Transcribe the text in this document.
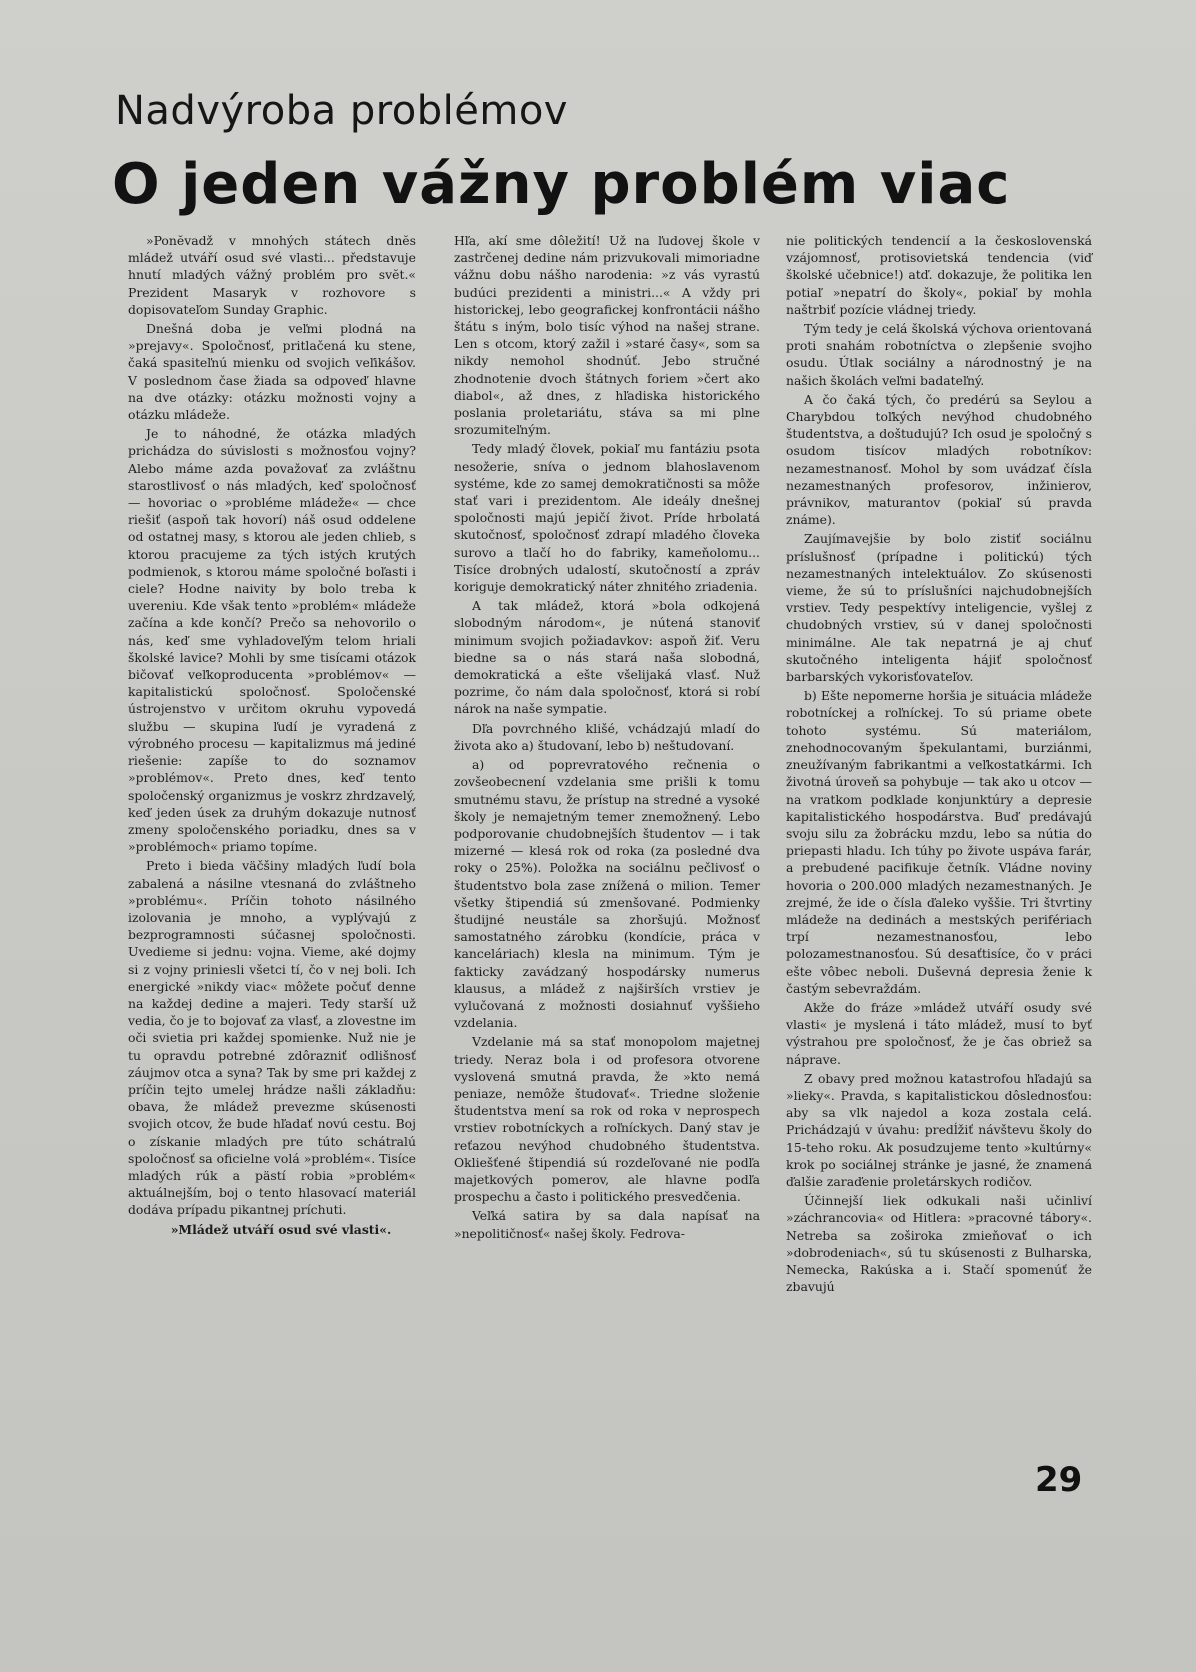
Nadvýroba problémov
O jeden vážny problém viac

»Ponĕvadž v mnohých státech dnĕs mládež utváří osud své vlasti... představuje hnutí mladých vážný problém pro svĕt.« Prezident Masaryk v rozhovore s dopisovateľom Sunday Graphic.

Dnešná doba je veľmi plodná na »prejavy«. Spoločnosť, pritlačená ku stene, čaká spasiteľnú mienku od svojich veľikášov. V poslednom čase žiada sa odpoveď hlavne na dve otázky: otázku možnosti vojny a otázku mládeže.

Je to náhodné, že otázka mladých prichádza do súvislosti s možnosťou vojny? Alebo máme azda považovať za zvláštnu starostlivosť o nás mladých, keď spoločnosť — hovoriac o »probléme mládeže« — chce riešiť (aspoň tak hovorí) náš osud oddelene od ostatnej masy, s ktorou ale jeden chlieb, s ktorou pracujeme za tých istých krutých podmienok, s ktorou máme spoločné boľasti i ciele? Hodne naivity by bolo treba k uvereniu. Kde však tento »problém« mládeže začína a kde končí? Prečo sa nehovorilo o nás, keď sme vyhladoveľým telom hriali školské lavice? Mohli by sme tisícami otázok bičovať veľkoproducenta »problémov« — kapitalistickú spoločnosť. Spoločenské ústrojenstvo v určitom okruhu vypovedá službu — skupina ľudí je vyradená z výrobného procesu — kapitalizmus má jediné riešenie: zapíše to do soznamov »problémov«. Preto dnes, keď tento spoločenský organizmus je voskrz zhrdzavelý, keď jeden úsek za druhým dokazuje nutnosť zmeny spoločenského poriadku, dnes sa v »problémoch« priamo topíme.

Preto i bieda väčšiny mladých ľudí bola zabalená a násilne vtesnaná do zvláštneho »problému«. Príčin tohoto násilného izolovania je mnoho, a vyplývajú z bezprogramnosti súčasnej spoločnosti. Uvedieme si jednu: vojna. Vieme, aké dojmy si z vojny priniesli všetci tí, čo v nej boli. Ich energické »nikdy viac« môžete počuť denne na každej dedine a majeri. Tedy starší už vedia, čo je to bojovať za vlasť, a zlovestne im oči svietia pri každej spomienke. Nuž nie je tu opravdu potrebné zdôrazniť odlišnosť záujmov otca a syna? Tak by sme pri každej z príčin tejto umelej hrádze našli základňu: obava, že mládež prevezme skúsenosti svojich otcov, že bude hľadať novú cestu. Boj o získanie mladých pre túto schátralú spoločnosť sa oficielne volá »problém«. Tisíce mladých rúk a pästí robia »problém« aktuálnejším, boj o tento hlasovací materiál dodáva prípadu pikantnej príchuti.

»Mládež utváří osud své vlasti«.

Hľa, akí sme dôležití! Už na ľudovej škole v zastrčenej dedine nám prizvukovali mimoriadne vážnu dobu nášho narodenia: »z vás vyrastú budúci prezidenti a ministri...« A vždy pri historickej, lebo geografickej konfrontácii nášho štátu s iným, bolo tisíc výhod na našej strane. Len s otcom, ktorý zažil i »staré časy«, som sa nikdy nemohol shodnúť. Jebo stručné zhodnotenie dvoch štátnych foriem »čert ako diabol«, až dnes, z hľadiska historického poslania proletariátu, stáva sa mi plne srozumiteľným.

Tedy mladý človek, pokiaľ mu fantáziu psota nesožerie, sníva o jednom blahoslavenom systéme, kde zo samej demokratičnosti sa môže stať vari i prezidentom. Ale ideály dnešnej spoločnosti majú jepičí život. Príde hrbolatá skutočnosť, spoločnosť zdrapí mladého človeka surovo a tlačí ho do fabriky, kameňolomu... Tisíce drobných udalostí, skutočností a zpráv koriguje demokratický náter zhnitého zriadenia.

A tak mládež, ktorá »bola odkojená slobodným národom«, je nútená stanoviť minimum svojich požiadavkov: aspoň žiť. Veru biedne sa o nás stará naša slobodná, demokratická a ešte všelijaká vlasť. Nuž pozrime, čo nám dala spoločnosť, ktorá si robí nárok na naše sympatie.

Dľa povrchného klišé, vchádzajú mladí do života ako a) študovaní, lebo b) neštudovaní.

a) od poprevratového rečnenia o zovšeobecnení vzdelania sme prišli k tomu smutnému stavu, že prístup na stredné a vysoké školy je nemajetným temer znemožnený. Lebo podporovanie chudobnejších študentov — i tak mizerné — klesá rok od roka (za posledné dva roky o 25%). Položka na sociálnu pečlivosť o študentstvo bola zase znížená o milion. Temer všetky štipendiá sú zmenšované. Podmienky študijné neustále sa zhoršujú. Možnosť samostatného zárobku (kondície, práca v kanceláriach) klesla na minimum. Tým je fakticky zavádzaný hospodársky numerus klausus, a mládež z najširších vrstiev je vylučovaná z možnosti dosiahnuť vyššieho vzdelania.

Vzdelanie má sa stať monopolom majetnej triedy. Neraz bola i od profesora otvorene vyslovená smutná pravda, že »kto nemá peniaze, nemôže študovať«. Triedne složenie študentstva mení sa rok od roka v neprospech vrstiev robotníckych a roľníckych. Daný stav je reťazou nevýhod chudobného študentstva. Okliešťené štipendiá sú rozdeľované nie podľa majetkových pomerov, ale hlavne podľa prospechu a často i politického presvedčenia.

Veľká satira by sa dala napísať na »nepolitičnosť« našej školy. Fedrova-

nie politických tendencií a la československá vzájomnosť, protisovietská tendencia (viď školské učebnice!) atď. dokazuje, že politika len potiaľ »nepatrí do školy«, pokiaľ by mohla naštrbiť pozície vládnej triedy.

Tým tedy je celá školská výchova orientovaná proti snahám robotníctva o zlepšenie svojho osudu. Útlak sociálny a národnostný je na našich školách veľmi badateľný.

A čo čaká tých, čo predérú sa Seylou a Charybdou toľkých nevýhod chudobného študentstva, a doštudujú? Ich osud je spoločný s osudom tisícov mladých robotníkov: nezamestnanosť. Mohol by som uvádzať čísla nezamestnaných profesorov, inžinierov, právnikov, maturantov (pokiaľ sú pravda známe).

Zaujímavejšie by bolo zistiť sociálnu príslušnosť (prípadne i politickú) tých nezamestnaných intelektuálov. Zo skúsenosti vieme, že sú to príslušníci najchudobnejších vrstiev. Tedy pespektívy inteligencie, vyšlej z chudobných vrstiev, sú v danej spoločnosti minimálne. Ale tak nepatrná je aj chuť skutočného inteligenta hájiť spoločnosť barbarských vykorisťovateľov.

b) Ešte nepomerne horšia je situácia mládeže robotníckej a roľníckej. To sú priame obete tohoto systému. Sú materiálom, znehodnocovaným špekulantami, burziánmi, zneužívaným fabrikantmi a veľkostatkármi. Ich životná úroveň sa pohybuje — tak ako u otcov — na vratkom podklade konjunktúry a depresie kapitalistického hospodárstva. Buď predávajú svoju silu za žobrácku mzdu, lebo sa nútia do priepasti hladu. Ich túhy po živote uspáva farár, a prebudené pacifikuje četník. Vládne noviny hovoria o 200.000 mladých nezamestnaných. Je zrejmé, že ide o čísla ďaleko vyššie. Tri štvrtiny mládeže na dedinách a mestských perifériach trpí nezamestnanosťou, lebo polozamestnanosťou. Sú desaťtisíce, čo v práci ešte vôbec neboli. Duševná depresia ženie k častým sebevraždám.

Akže do fráze »mládež utváří osudy své vlasti« je myslená i táto mládež, musí to byť výstrahou pre spoločnosť, že je čas obriež sa náprave.

Z obavy pred možnou katastrofou hľadajú sa »lieky«. Pravda, s kapitalistickou dôslednosťou: aby sa vlk najedol a koza zostala celá. Prichádzajú v úvahu: predĺžiť návštevu školy do 15-teho roku. Ak posudzujeme tento »kultúrny« krok po sociálnej stránke je jasné, že znamená ďalšie zaraďenie proletárskych rodičov.

Účinnejší liek odkukali naši učinliví »záchrancovia« od Hitlera: »pracovné tábory«. Netreba sa zoširoka zmieňovať o ich »dobrodeniach«, sú tu skúsenosti z Bulharska, Nemecka, Rakúska a i. Stačí spomenúť že zbavujú

29
